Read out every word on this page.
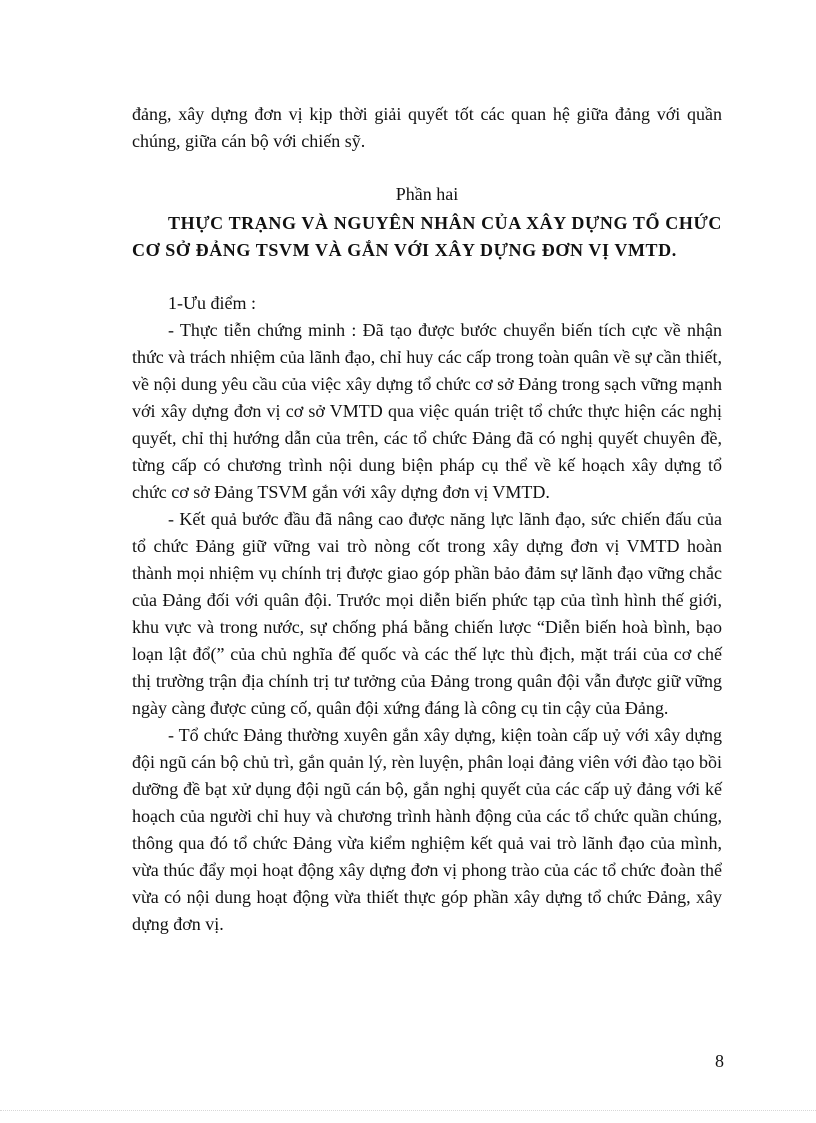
đảng, xây dựng đơn vị kịp thời giải quyết tốt các quan hệ giữa đảng với quần chúng, giữa cán bộ với chiến sỹ.

Phần hai

THỰC TRẠNG VÀ NGUYÊN NHÂN CỦA XÂY DỰNG TỔ CHỨC CƠ SỞ ĐẢNG TSVM VÀ GẮN VỚI XÂY DỰNG ĐƠN VỊ VMTD.

1-Ưu điểm :

- Thực tiễn chứng minh : Đã tạo được bước chuyển biến tích cực về nhận thức và trách nhiệm của lãnh đạo, chỉ huy các cấp trong toàn quân về sự cần thiết, về nội dung yêu cầu của việc xây dựng tổ chức cơ sở Đảng trong sạch vững mạnh với xây dựng đơn vị cơ sở VMTD qua việc quán triệt tổ chức thực hiện các nghị quyết, chỉ thị hướng dẫn của trên, các tổ chức Đảng đã có nghị quyết chuyên đề, từng cấp có chương trình nội dung biện pháp cụ thể về kế hoạch xây dựng tổ chức cơ sở Đảng TSVM gắn với xây dựng đơn vị VMTD.

- Kết quả bước đầu đã nâng cao được năng lực lãnh đạo, sức chiến đấu của tổ chức Đảng giữ vững vai trò nòng cốt trong xây dựng đơn vị VMTD hoàn thành mọi nhiệm vụ chính trị được giao góp phần bảo đảm sự lãnh đạo vững chắc của Đảng đối với quân đội. Trước mọi diễn biến phức tạp của tình hình thế giới, khu vực và trong nước, sự chống phá bằng chiến lược “Diễn biến hoà bình, bạo loạn lật đổ(” của chủ nghĩa đế quốc và các thế lực thù địch, mặt trái của cơ chế thị trường trận địa chính trị tư tưởng của Đảng trong quân đội vẫn được giữ vững ngày càng được củng cố, quân đội xứng đáng là công cụ tin cậy của Đảng.

- Tổ chức Đảng thường xuyên gắn xây dựng, kiện toàn cấp uỷ với xây dựng đội ngũ cán bộ chủ trì, gắn quản lý, rèn luyện, phân loại đảng viên với đào tạo bồi dưỡng đề bạt xử dụng đội ngũ cán bộ, gắn nghị quyết của các cấp uỷ đảng với kế hoạch của người chỉ huy và chương trình hành động của các tổ chức quần chúng, thông qua đó tổ chức Đảng vừa kiểm nghiệm kết quả vai trò lãnh đạo của mình, vừa thúc đẩy mọi hoạt động xây dựng đơn vị phong trào của các tổ chức đoàn thể vừa có nội dung hoạt động vừa thiết thực góp phần xây dựng tổ chức Đảng, xây dựng đơn vị.

8
